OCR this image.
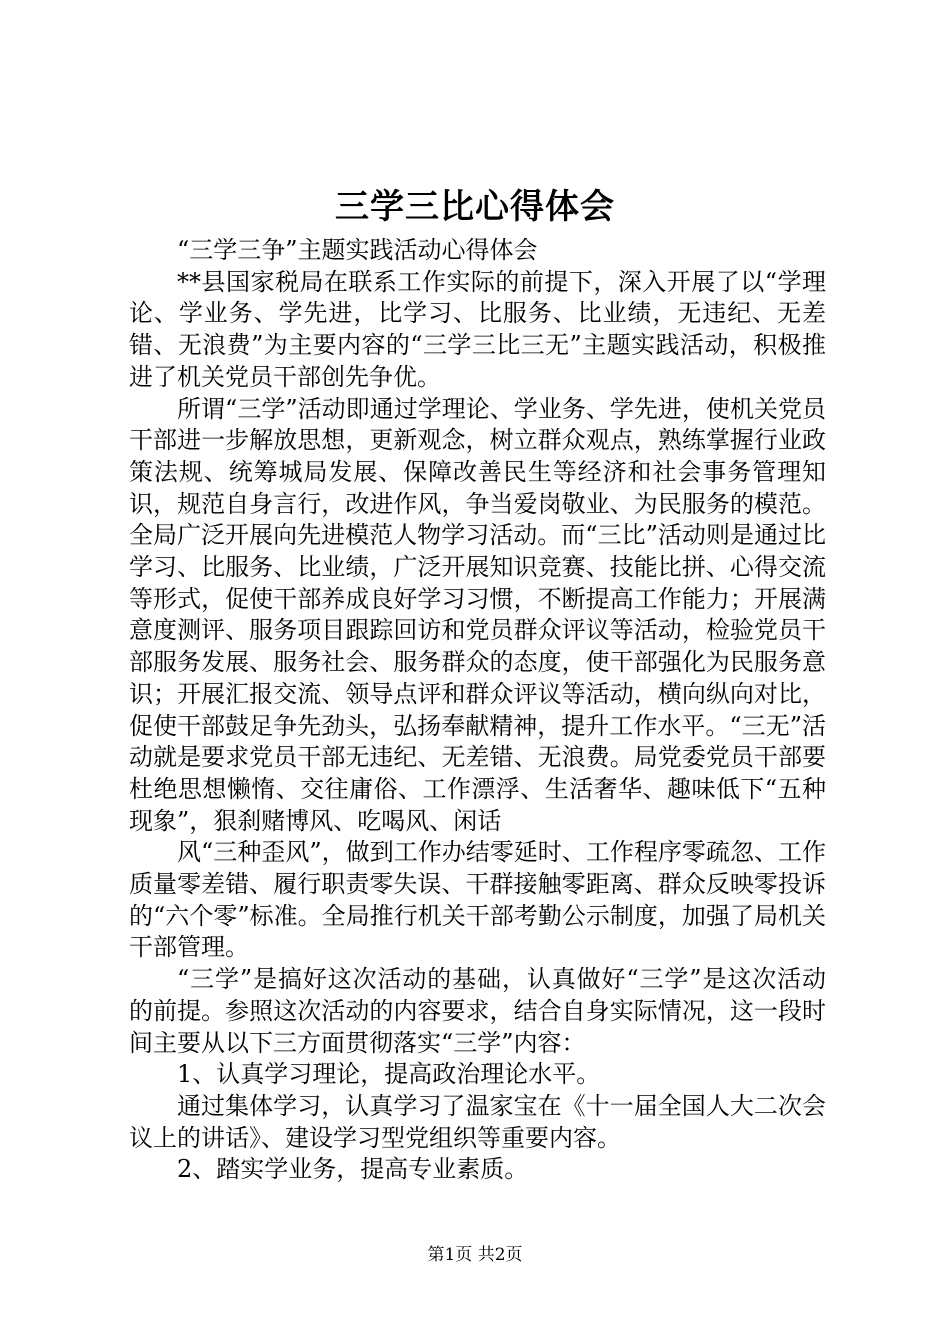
三学三比心得体会

“三学三争”主题实践活动心得体会

**县国家税局在联系工作实际的前提下，深入开展了以“学理论、学业务、学先进，比学习、比服务、比业绩，无违纪、无差错、无浪费”为主要内容的“三学三比三无”主题实践活动，积极推进了机关党员干部创先争优。

所谓“三学”活动即通过学理论、学业务、学先进，使机关党员干部进一步解放思想，更新观念，树立群众观点，熟练掌握行业政策法规、统筹城局发展、保障改善民生等经济和社会事务管理知识，规范自身言行，改进作风，争当爱岗敬业、为民服务的模范。全局广泛开展向先进模范人物学习活动。而“三比”活动则是通过比学习、比服务、比业绩，广泛开展知识竞赛、技能比拼、心得交流等形式，促使干部养成良好学习习惯，不断提高工作能力；开展满意度测评、服务项目跟踪回访和党员群众评议等活动，检验党员干部服务发展、服务社会、服务群众的态度，使干部强化为民服务意识；开展汇报交流、领导点评和群众评议等活动，横向纵向对比，促使干部鼓足争先劲头，弘扬奉献精神，提升工作水平。“三无”活动就是要求党员干部无违纪、无差错、无浪费。局党委党员干部要杜绝思想懒惰、交往庸俗、工作漂浮、生活奢华、趣味低下“五种现象”，狠刹赌博风、吃喝风、闲话

风“三种歪风”，做到工作办结零延时、工作程序零疏忽、工作质量零差错、履行职责零失误、干群接触零距离、群众反映零投诉的“六个零”标准。全局推行机关干部考勤公示制度，加强了局机关干部管理。

“三学”是搞好这次活动的基础，认真做好“三学”是这次活动的前提。参照这次活动的内容要求，结合自身实际情况，这一段时间主要从以下三方面贯彻落实“三学”内容：

1、认真学习理论，提高政治理论水平。

通过集体学习，认真学习了温家宝在《十一届全国人大二次会议上的讲话》、建设学习型党组织等重要内容。

2、踏实学业务，提高专业素质。

第1页 共2页
